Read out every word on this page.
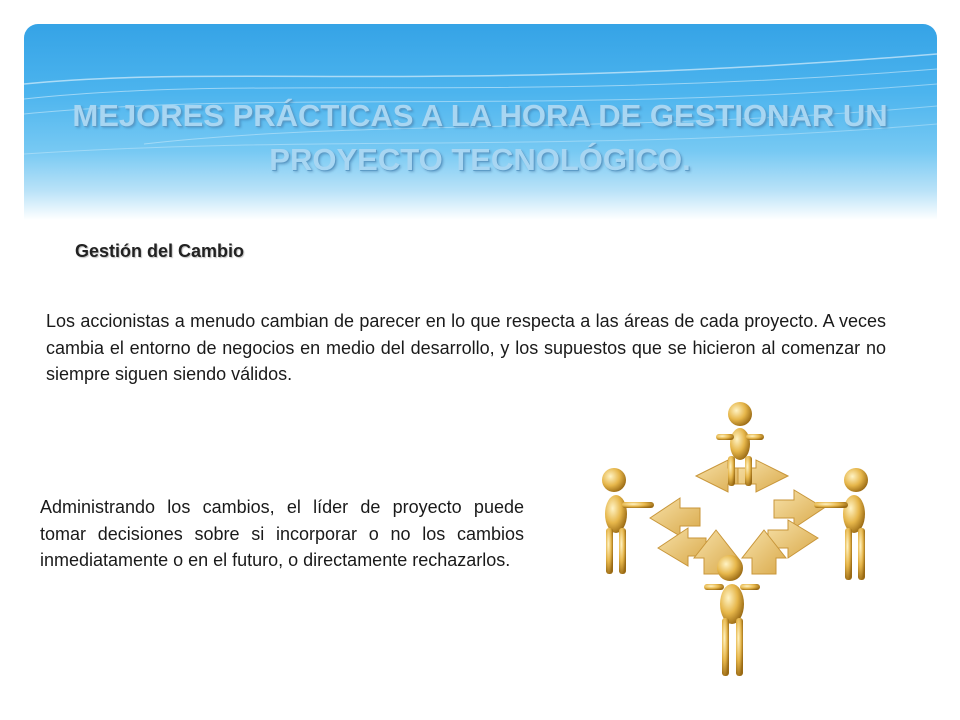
MEJORES PRÁCTICAS A LA HORA DE GESTIONAR UN PROYECTO TECNOLÓGICO.
Gestión del Cambio

Los accionistas a menudo cambian de parecer en lo que respecta a las áreas de cada proyecto. A veces cambia el entorno de negocios en medio del desarrollo, y los supuestos que se hicieron al comenzar no siempre siguen siendo válidos.

Administrando los cambios, el líder de proyecto puede tomar decisiones sobre si incorporar o no los cambios inmediatamente o en el futuro, o directamente rechazarlos.
